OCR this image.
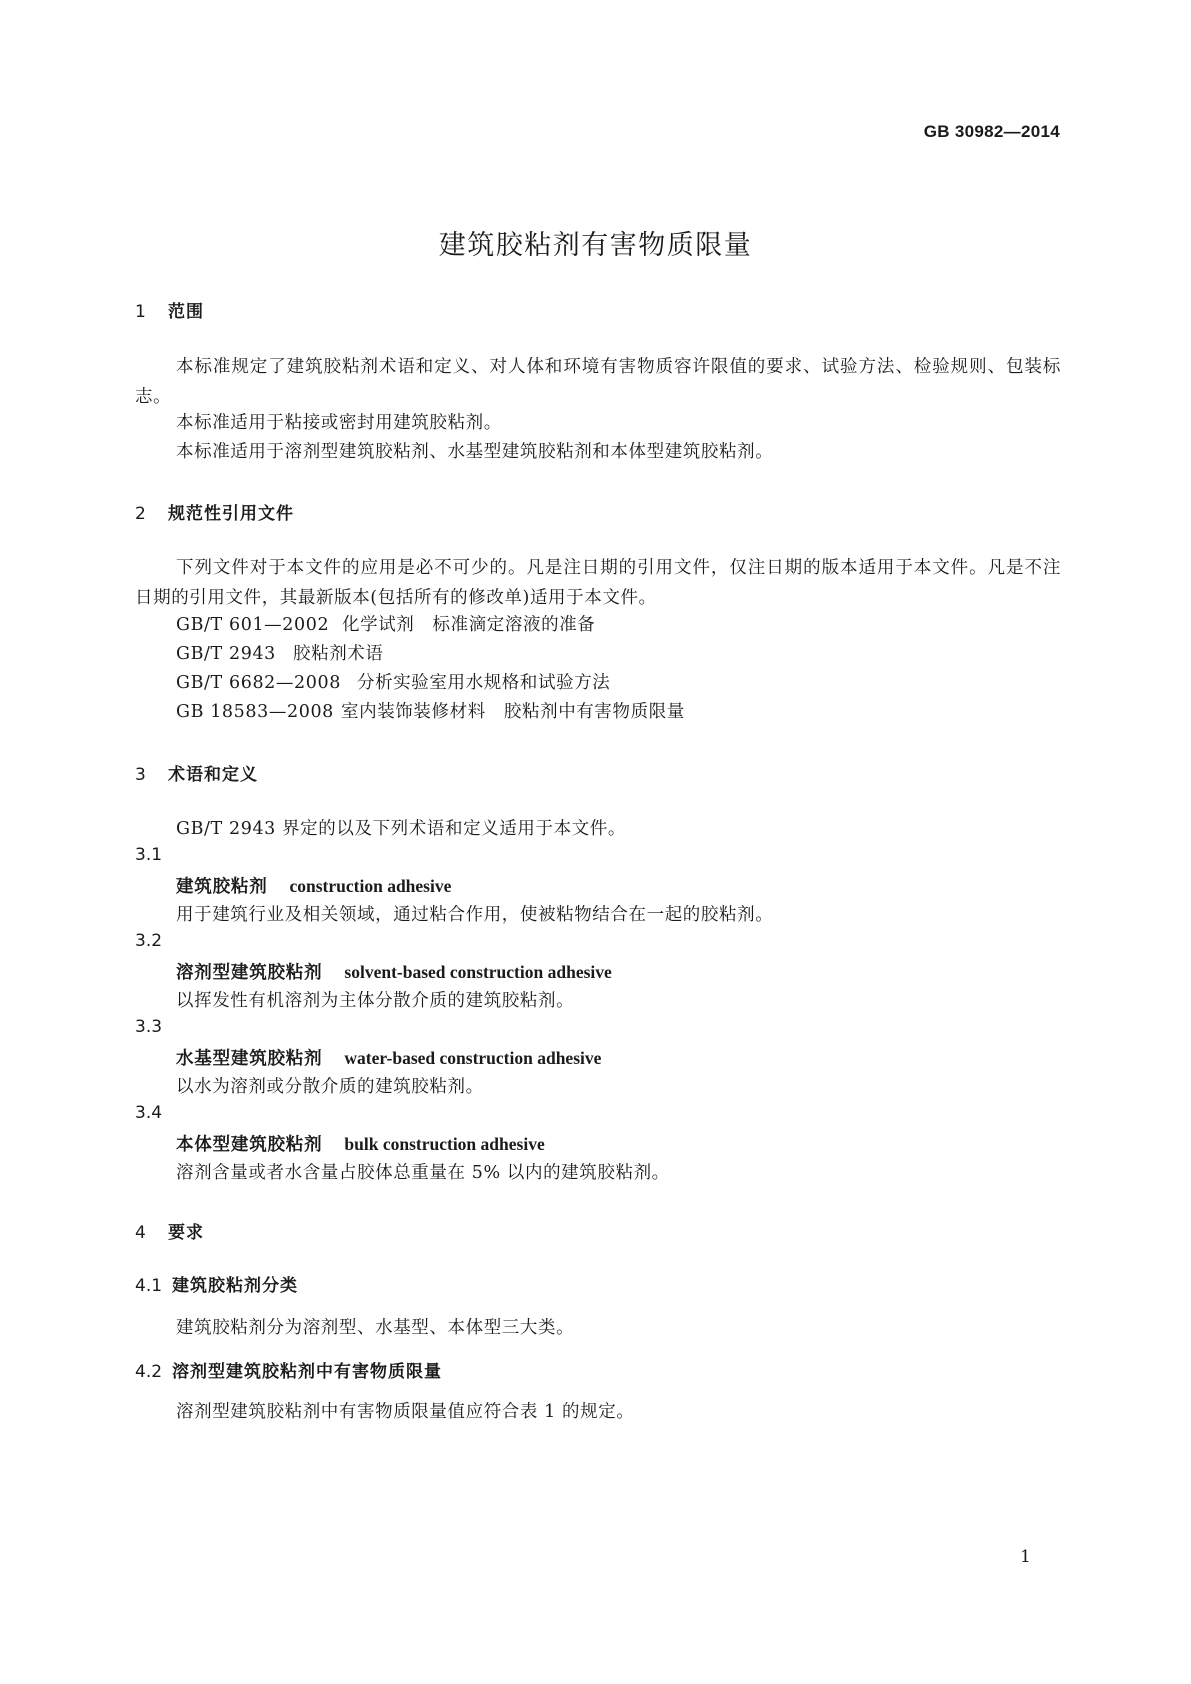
GB 30982—2014
建筑胶粘剂有害物质限量
1 范围
本标准规定了建筑胶粘剂术语和定义、对人体和环境有害物质容许限值的要求、试验方法、检验规则、包装标志。
本标准适用于粘接或密封用建筑胶粘剂。
本标准适用于溶剂型建筑胶粘剂、水基型建筑胶粘剂和本体型建筑胶粘剂。
2 规范性引用文件
下列文件对于本文件的应用是必不可少的。凡是注日期的引用文件，仅注日期的版本适用于本文件。凡是不注日期的引用文件，其最新版本(包括所有的修改单)适用于本文件。
GB/T 601—2002 化学试剂　标准滴定溶液的准备
GB/T 2943 胶粘剂术语
GB/T 6682—2008 分析实验室用水规格和试验方法
GB 18583—2008 室内装饰装修材料　胶粘剂中有害物质限量
3 术语和定义
GB/T 2943 界定的以及下列术语和定义适用于本文件。
3.1
建筑胶粘剂 construction adhesive
用于建筑行业及相关领域，通过粘合作用，使被粘物结合在一起的胶粘剂。
3.2
溶剂型建筑胶粘剂 solvent-based construction adhesive
以挥发性有机溶剂为主体分散介质的建筑胶粘剂。
3.3
水基型建筑胶粘剂 water-based construction adhesive
以水为溶剂或分散介质的建筑胶粘剂。
3.4
本体型建筑胶粘剂 bulk construction adhesive
溶剂含量或者水含量占胶体总重量在 5% 以内的建筑胶粘剂。
4 要求
4.1 建筑胶粘剂分类
建筑胶粘剂分为溶剂型、水基型、本体型三大类。
4.2 溶剂型建筑胶粘剂中有害物质限量
溶剂型建筑胶粘剂中有害物质限量值应符合表 1 的规定。
1
